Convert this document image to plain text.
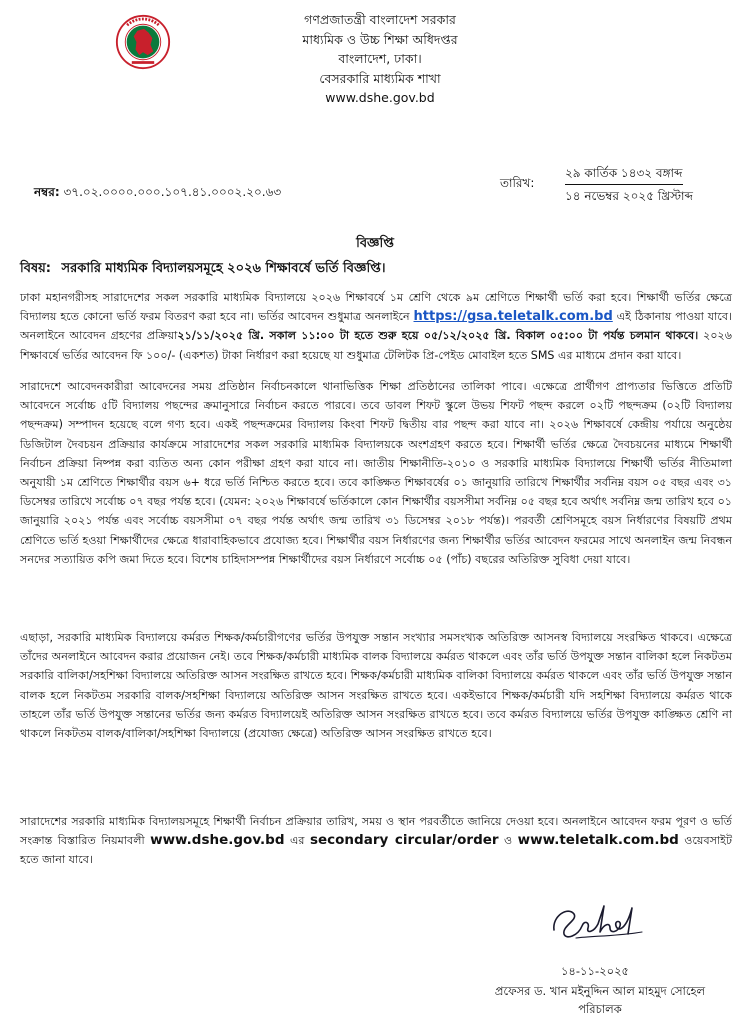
গণপ্রজাতন্ত্রী বাংলাদেশ সরকার
মাধ্যমিক ও উচ্চ শিক্ষা অধিদপ্তর
বাংলাদেশ, ঢাকা।
বেসরকারি মাধ্যমিক শাখা
www.dshe.gov.bd
নম্বর: ৩৭.০২.০০০০.০০০.১০৭.৪১.০০০২.২০.৬৩
তারিখ:
২৯ কার্তিক ১৪৩২ বঙ্গাব্দ
১৪ নভেম্বর ২০২৫ খ্রিস্টাব্দ
বিজ্ঞপ্তি
বিষয়: সরকারি মাধ্যমিক বিদ্যালয়সমূহে ২০২৬ শিক্ষাবর্ষে ভর্তি বিজ্ঞপ্তি।
ঢাকা মহানগরীসহ সারাদেশের সকল সরকারি মাধ্যমিক বিদ্যালয়ে ২০২৬ শিক্ষাবর্ষে ১ম শ্রেণি থেকে ৯ম শ্রেণিতে শিক্ষার্থী ভর্তি করা হবে। শিক্ষার্থী ভর্তির ক্ষেত্রে বিদ্যালয় হতে কোনো ভর্তি ফরম বিতরণ করা হবে না। ভর্তির আবেদন শুধুমাত্র অনলাইনে https://gsa.teletalk.com.bd এই ঠিকানায় পাওয়া যাবে। অনলাইনে আবেদন গ্রহণের প্রক্রিয়া২১/১১/২০২৫ খ্রি. সকাল ১১:০০ টা হতে শুরু হয়ে ০৫/১২/২০২৫ খ্রি. বিকাল ০৫:০০ টা পর্যন্ত চলমান থাকবে। ২০২৬ শিক্ষাবর্ষে ভর্তির আবেদন ফি ১০০/- (একশত) টাকা নির্ধারণ করা হয়েছে যা শুধুমাত্র টেলিটক প্রি-পেইড মোবাইল হতে SMS এর মাধ্যমে প্রদান করা যাবে।
সারাদেশে আবেদনকারীরা আবেদনের সময় প্রতিষ্ঠান নির্বাচনকালে থানাভিত্তিক শিক্ষা প্রতিষ্ঠানের তালিকা পাবে। এক্ষেত্রে প্রার্থীগণ প্রাপ্যতার ভিত্তিতে প্রতিটি আবেদনে সর্বোচ্চ ৫টি বিদ্যালয় পছন্দের ক্রমানুসারে নির্বাচন করতে পারবে। তবে ডাবল শিফট স্কুলে উভয় শিফট পছন্দ করলে ০২টি পছন্দক্রম (০২টি বিদ্যালয় পছন্দক্রম) সম্পাদন হয়েছে বলে গণ্য হবে। একই পছন্দক্রমের বিদ্যালয় কিংবা শিফট দ্বিতীয় বার পছন্দ করা যাবে না। ২০২৬ শিক্ষাবর্ষে কেন্দ্রীয় পর্যায়ে অনুষ্ঠেয় ডিজিটাল দৈবচয়ন প্রক্রিয়ার কার্যক্রমে সারাদেশের সকল সরকারি মাধ্যমিক বিদ্যালয়কে অংশগ্রহণ করতে হবে। শিক্ষার্থী ভর্তির ক্ষেত্রে দৈবচয়নের মাধ্যমে শিক্ষার্থী নির্বাচন প্রক্রিয়া নিষ্পন্ন করা ব্যতিত অন্য কোন পরীক্ষা গ্রহণ করা যাবে না। জাতীয় শিক্ষানীতি-২০১০ ও সরকারি মাধ্যমিক বিদ্যালয়ে শিক্ষার্থী ভর্তির নীতিমালা অনুযায়ী ১ম শ্রেণিতে শিক্ষার্থীর বয়স ৬+ ধরে ভর্তি নিশ্চিত করতে হবে। তবে কাঙ্ক্ষিত শিক্ষাবর্ষের ০১ জানুয়ারি তারিখে শিক্ষার্থীর সর্বনিম্ন বয়স ০৫ বছর এবং ৩১ ডিসেম্বর তারিখে সর্বোচ্চ ০৭ বছর পর্যন্ত হবে। (যেমন: ২০২৬ শিক্ষাবর্ষে ভর্তিকালে কোন শিক্ষার্থীর বয়সসীমা সর্বনিম্ন ০৫ বছর হবে অর্থাৎ সর্বনিম্ন জন্ম তারিখ হবে ০১ জানুয়ারি ২০২১ পর্যন্ত এবং সর্বোচ্চ বয়সসীমা ০৭ বছর পর্যন্ত অর্থাৎ জন্ম তারিখ ৩১ ডিসেম্বর ২০১৮ পর্যন্ত)। পরবর্তী শ্রেণিসমূহে বয়স নির্ধারণের বিষয়টি প্রথম শ্রেণিতে ভর্তি হওয়া শিক্ষার্থীদের ক্ষেত্রে ধারাবাহিকভাবে প্রযোজ্য হবে। শিক্ষার্থীর বয়স নির্ধারণের জন্য শিক্ষার্থীর ভর্তির আবেদন ফরমের সাথে অনলাইন জন্ম নিবন্ধন সনদের সত্যায়িত কপি জমা দিতে হবে। বিশেষ চাহিদাসম্পন্ন শিক্ষার্থীদের বয়স নির্ধারণে সর্বোচ্চ ০৫ (পাঁচ) বছরের অতিরিক্ত সুবিধা দেয়া যাবে।
এছাড়া, সরকারি মাধ্যমিক বিদ্যালয়ে কর্মরত শিক্ষক/কর্মচারীগণের ভর্তির উপযুক্ত সন্তান সংখ্যার সমসংখ্যক অতিরিক্ত আসনস্ব বিদ্যালয়ে সংরক্ষিত থাকবে। এক্ষেত্রে তাঁদের অনলাইনে আবেদন করার প্রয়োজন নেই। তবে শিক্ষক/কর্মচারী মাধ্যমিক বালক বিদ্যালয়ে কর্মরত থাকলে এবং তাঁর ভর্তি উপযুক্ত সন্তান বালিকা হলে নিকটতম সরকারি বালিকা/সহশিক্ষা বিদ্যালয়ে অতিরিক্ত আসন সংরক্ষিত রাখতে হবে। শিক্ষক/কর্মচারী মাধ্যমিক বালিকা বিদ্যালয়ে কর্মরত থাকলে এবং তাঁর ভর্তি উপযুক্ত সন্তান বালক হলে নিকটতম সরকারি বালক/সহশিক্ষা বিদ্যালয়ে অতিরিক্ত আসন সংরক্ষিত রাখতে হবে। একইভাবে শিক্ষক/কর্মচারী যদি সহশিক্ষা বিদ্যালয়ে কর্মরত থাকে তাহলে তাঁর ভর্তি উপযুক্ত সন্তানের ভর্তির জন্য কর্মরত বিদ্যালয়েই অতিরিক্ত আসন সংরক্ষিত রাখতে হবে। তবে কর্মরত বিদ্যালয়ে ভর্তির উপযুক্ত কাঙ্ক্ষিত শ্রেণি না থাকলে নিকটতম বালক/বালিকা/সহশিক্ষা বিদ্যালয়ে (প্রযোজ্য ক্ষেত্রে) অতিরিক্ত আসন সংরক্ষিত রাখতে হবে।
সারাদেশের সরকারি মাধ্যমিক বিদ্যালয়সমূহে শিক্ষার্থী নির্বাচন প্রক্রিয়ার তারিখ, সময় ও স্থান পরবর্তীতে জানিয়ে দেওয়া হবে। অনলাইনে আবেদন ফরম পূরণ ও ভর্তি সংক্রান্ত বিস্তারিত নিয়মাবলী www.dshe.gov.bd এর secondary circular/order ও www.teletalk.com.bd ওয়েবসাইট হতে জানা যাবে।
১৪-১১-২০২৫
প্রফেসর ড. খান মইনুদ্দিন আল মাহমুদ সোহেল
পরিচালক
